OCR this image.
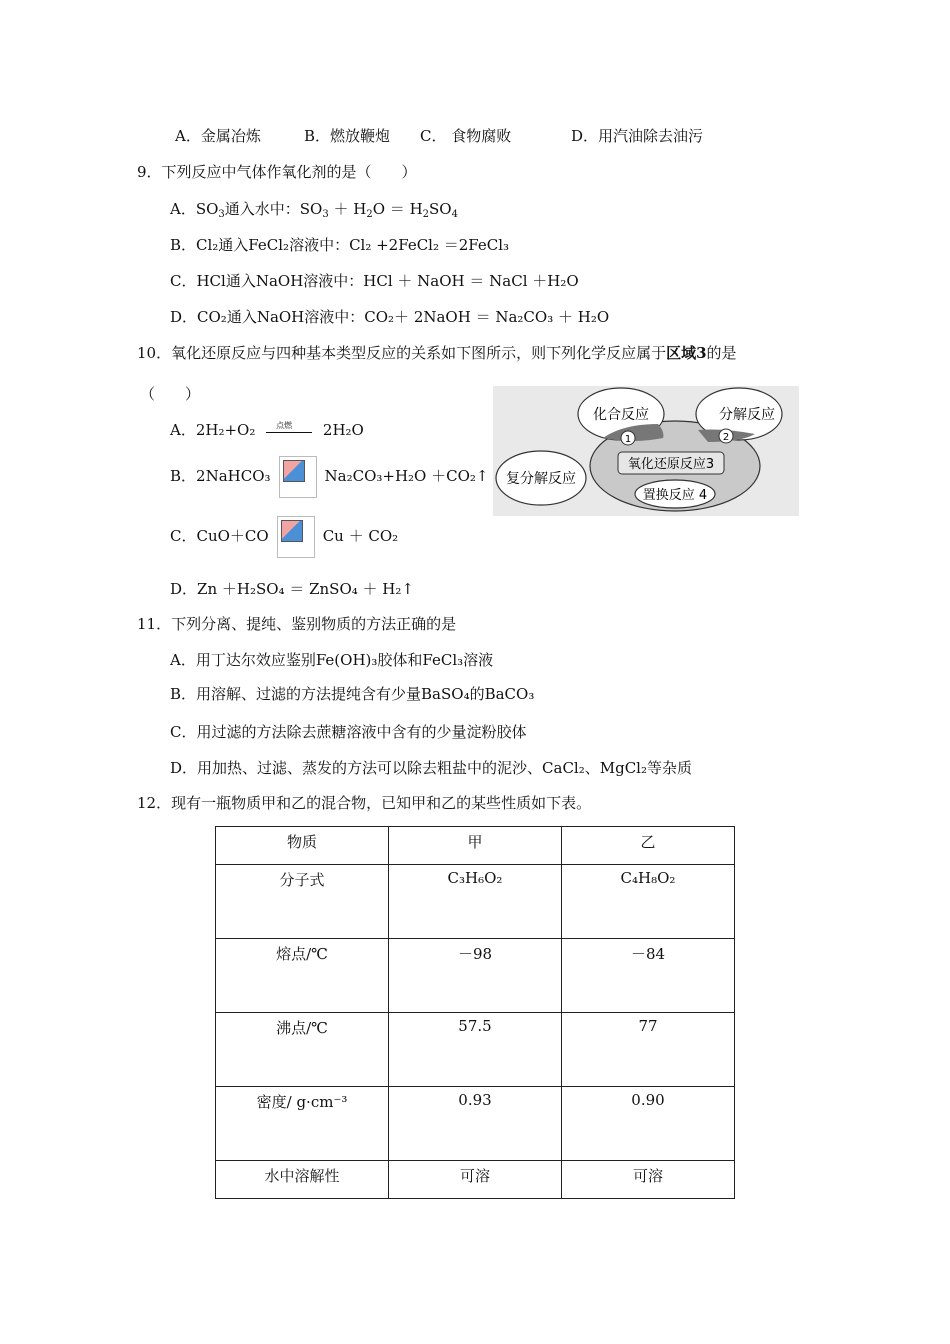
A．金属冶炼	B．燃放鞭炮 C． 食物腐败	D．用汽油除去油污
9．下列反应中气体作氧化剂的是（　　）
A．$SO_3$通入水中：$SO_3 + H_2O = H_2SO_4$
B．Cl₂通入FeCl₂溶液中：Cl₂ +2FeCl₂ ＝2FeCl₃
C．HCl通入NaOH溶液中：HCl ＋ NaOH ＝ NaCl ＋H₂O
D．CO₂通入NaOH溶液中：CO₂＋ 2NaOH ＝ Na₂CO₃ ＋ H₂O
10．氧化还原反应与四种基本类型反应的关系如下图所示，则下列化学反应属于区域3的是
（　　）
A．2H₂+O₂	点燃 2H₂O
B．2NaHCO₃	Na₂CO₃+H₂O ＋CO₂↑
C．CuO＋CO	Cu ＋ CO₂
D．Zn ＋H₂SO₄ ＝ ZnSO₄ ＋ H₂↑
化合反应	分解反应
复分解反应
氧化还原反应3
置换反应 4
1	2
11．下列分离、提纯、鉴别物质的方法正确的是
A．用丁达尔效应鉴别Fe(OH)₃胶体和FeCl₃溶液
B．用溶解、过滤的方法提纯含有少量BaSO₄的BaCO₃
C．用过滤的方法除去蔗糖溶液中含有的少量淀粉胶体
D．用加热、过滤、蒸发的方法可以除去粗盐中的泥沙、CaCl₂、MgCl₂等杂质
12．现有一瓶物质甲和乙的混合物，已知甲和乙的某些性质如下表。
物质	甲	乙
分子式	C₃H₆O₂	C₄H₈O₂
熔点/℃	－98	－84
沸点/℃	57.5	77
密度/ g·cm⁻³	0.93	0.90
水中溶解性	可溶	可溶
